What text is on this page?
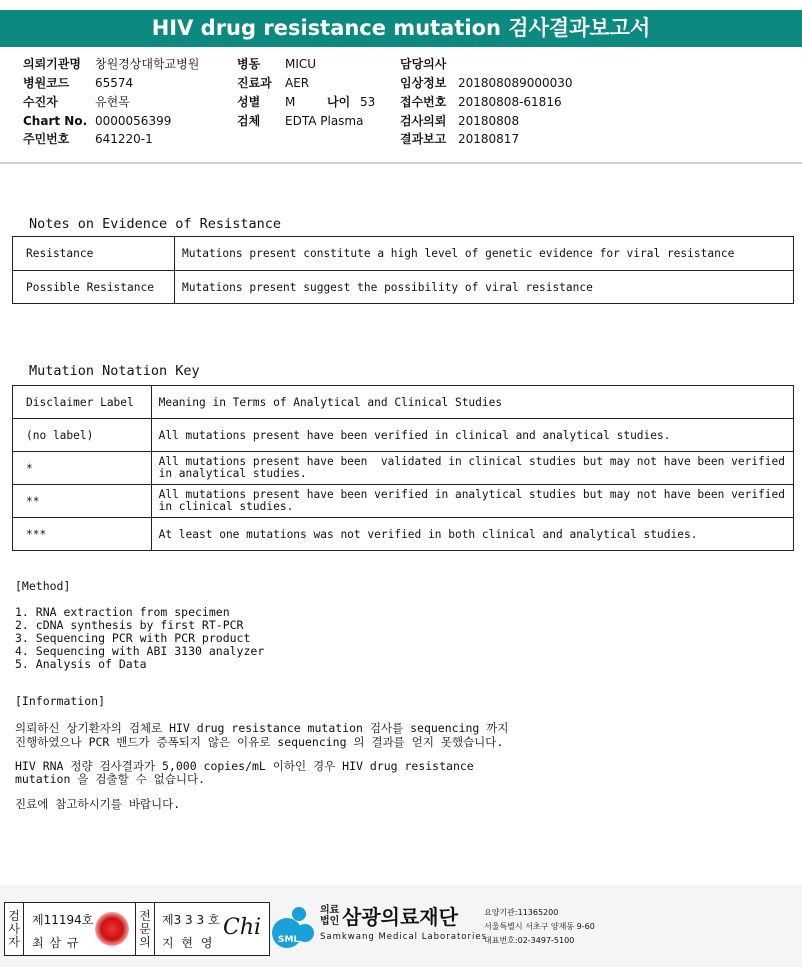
HIV drug resistance mutation 검사결과보고서
의뢰기관명 창원경상대학교병원
병원코드 65574
수진자	유현목
Chart No. 0000056399
주민번호 641220-1
병동 MICU
진료과 AER
성별 M	나이 53
검체 EDTA Plasma
담당의사
임상정보 201808089000030
접수번호 20180808-61816
검사의뢰 20180808
결과보고 20180817
Notes on Evidence of Resistance
Resistance	Mutations present constitute a high level of genetic evidence for viral resistance
Possible Resistance	Mutations present suggest the possibility of viral resistance
Mutation Notation Key
Disclaimer Label	Meaning in Terms of Analytical and Clinical Studies
(no label)	All mutations present have been verified in clinical and analytical studies.
*	All mutations present have been  validated in clinical studies but may not have been verified
in analytical studies.
**	All mutations present have been verified in analytical studies but may not have been verified
in clinical studies.
***	At least one mutations was not verified in both clinical and analytical studies.
[Method]
1. RNA extraction from specimen
2. cDNA synthesis by first RT-PCR
3. Sequencing PCR with PCR product
4. Sequencing with ABI 3130 analyzer
5. Analysis of Data
[Information]
의뢰하신 상기환자의 검체로 HIV drug resistance mutation 검사를 sequencing 까지
진행하였으나 PCR 밴드가 증폭되지 않은 이유로 sequencing 의 결과를 얻지 못했습니다.
HIV RNA 정량 검사결과가 5,000 copies/mL 이하인 경우 HIV drug resistance
mutation 을 검출할 수 없습니다.
진료에 참고하시기를 바랍니다.
검
사
자
제11194호
최 삼 규
전
문
의
제3 3 3 호
지 현 영
Chi SML
의료법인 삼광의료재단
Samkwang Medical Laboratories
요양기관:11365200
서울특별시 서초구 양재동 9-60
대표번호:02-3497-5100
